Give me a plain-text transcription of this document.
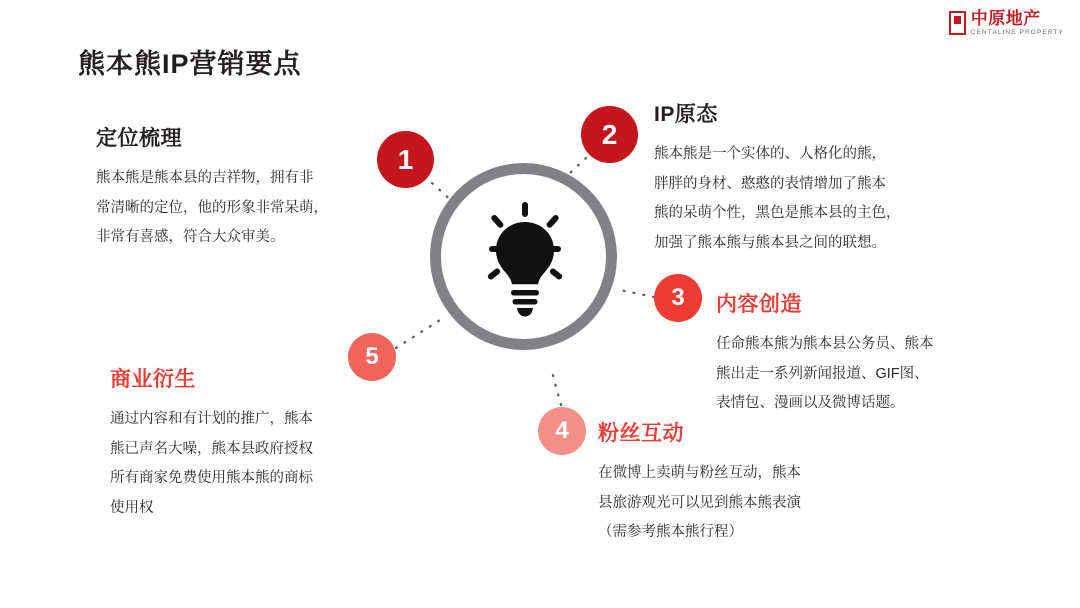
中原地产
CENTALINE PROPERTY
熊本熊IP营销要点
1
2
3
4
5
定位梳理
熊本熊是熊本县的吉祥物，拥有非
常清晰的定位，他的形象非常呆萌，
非常有喜感，符合大众审美。
IP原态
熊本熊是一个实体的、人格化的熊，
胖胖的身材、憨憨的表情增加了熊本
熊的呆萌个性，黑色是熊本县的主色，
加强了熊本熊与熊本县之间的联想。
内容创造
任命熊本熊为熊本县公务员、熊本
熊出走一系列新闻报道、GIF图、
表情包、漫画以及微博话题。
粉丝互动
在微博上卖萌与粉丝互动，熊本
县旅游观光可以见到熊本熊表演
（需参考熊本熊行程）
商业衍生
通过内容和有计划的推广，熊本
熊已声名大噪，熊本县政府授权
所有商家免费使用熊本熊的商标
使用权
